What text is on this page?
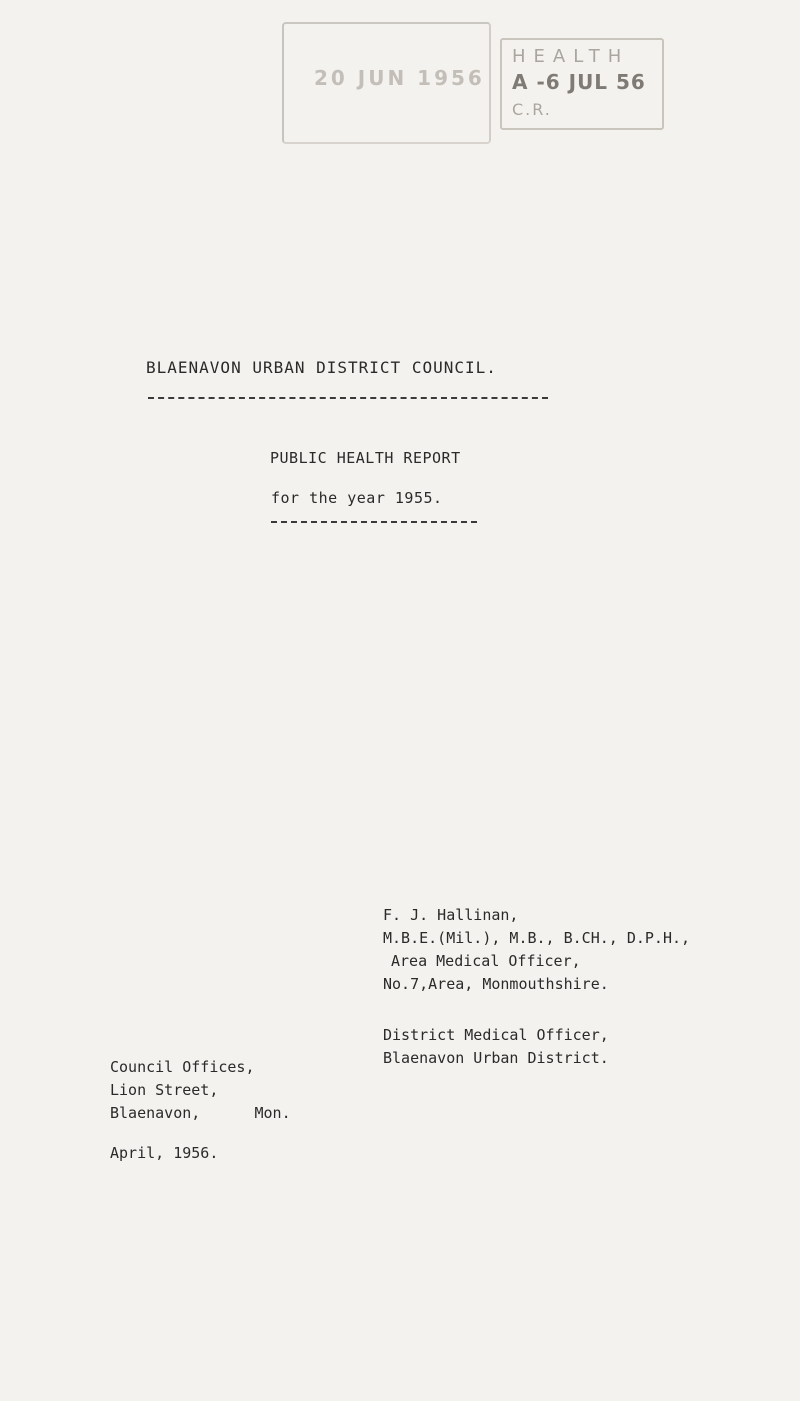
20 JUN 1956
HEALTH
A -6 JUL 56
C.R.
BLAENAVON URBAN DISTRICT COUNCIL.
PUBLIC HEALTH REPORT
for the year 1955.
F. J. Hallinan,
M.B.E.(Mil.), M.B., B.CH., D.P.H.,
Area Medical Officer,
No.7,Area, Monmouthshire.
District Medical Officer,
Blaenavon Urban District.
Council Offices,
Lion Street,
Blaenavon,      Mon.
April, 1956.
